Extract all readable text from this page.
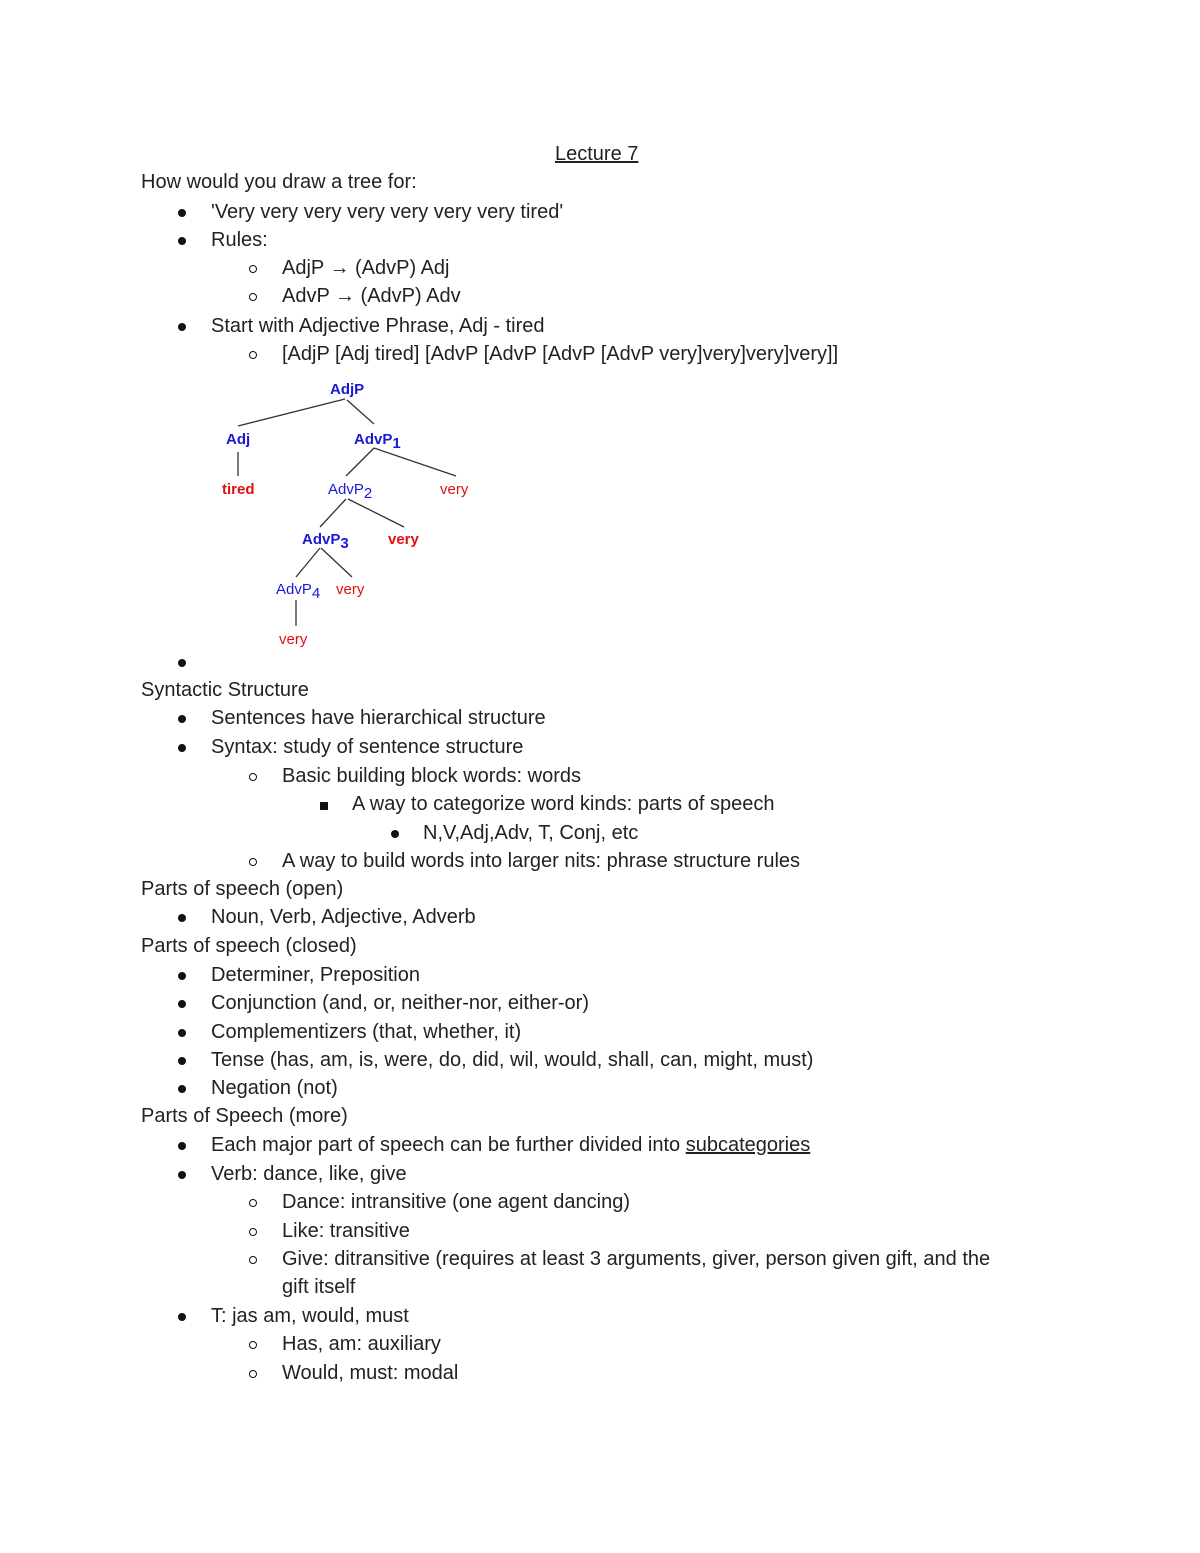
Lecture 7
How would you draw a tree for:
'Very very very very very very very tired'
Rules:
AdjP → (AdvP) Adj
AdvP → (AdvP) Adv
Start with Adjective Phrase, Adj - tired
[AdjP [Adj tired] [AdvP [AdvP [AdvP [AdvP very]very]very]very]]
AdjP
Adj	AdvP1
tired	AdvP2	very
AdvP3	very
AdvP4 very
very
Syntactic Structure
Sentences have hierarchical structure
Syntax: study of sentence structure
Basic building block words: words
A way to categorize word kinds: parts of speech
N,V,Adj,Adv, T, Conj, etc
A way to build words into larger nits: phrase structure rules
Parts of speech (open)
Noun, Verb, Adjective, Adverb
Parts of speech (closed)
Determiner, Preposition
Conjunction (and, or, neither-nor, either-or)
Complementizers (that, whether, it)
Tense (has, am, is, were, do, did, wil, would, shall, can, might, must)
Negation (not)
Parts of Speech (more)
Each major part of speech can be further divided into subcategories
Verb: dance, like, give
Dance: intransitive (one agent dancing)
Like: transitive
Give: ditransitive (requires at least 3 arguments, giver, person given gift, and the
gift itself
T: jas am, would, must
Has, am: auxiliary
Would, must: modal
